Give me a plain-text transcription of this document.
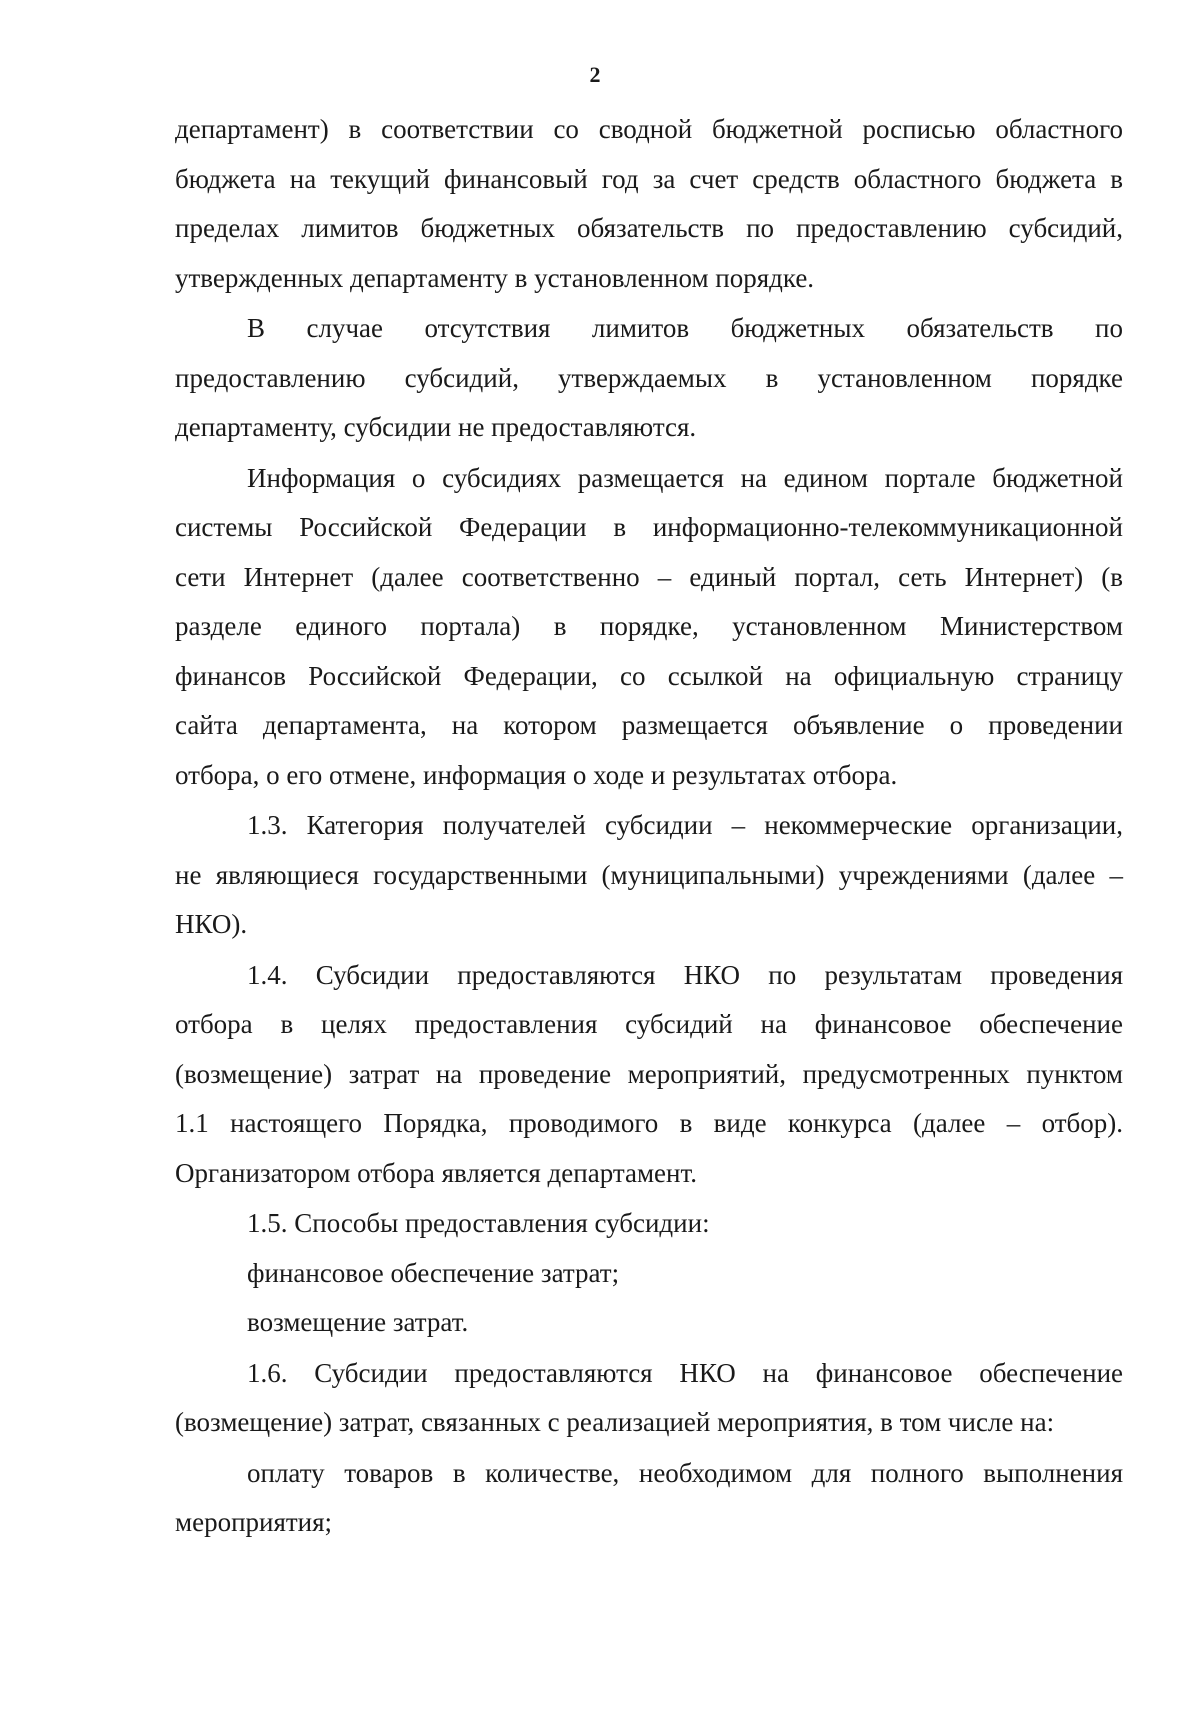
2

департамент) в соответствии со сводной бюджетной росписью областного

бюджета на текущий финансовый год за счет средств областного бюджета в

пределах лимитов бюджетных обязательств по предоставлению субсидий,

утвержденных департаменту в установленном порядке.

В случае отсутствия лимитов бюджетных обязательств по

предоставлению субсидий, утверждаемых в установленном порядке

департаменту, субсидии не предоставляются.

Информация о субсидиях размещается на едином портале бюджетной

системы Российской Федерации в информационно-телекоммуникационной

сети Интернет (далее соответственно – единый портал, сеть Интернет) (в

разделе единого портала) в порядке, установленном Министерством

финансов Российской Федерации, со ссылкой на официальную страницу

сайта департамента, на котором размещается объявление о проведении

отбора, о его отмене, информация о ходе и результатах отбора.

1.3. Категория получателей субсидии – некоммерческие организации,

не являющиеся государственными (муниципальными) учреждениями (далее –

НКО).

1.4. Субсидии предоставляются НКО по результатам проведения

отбора в целях предоставления субсидий на финансовое обеспечение

(возмещение) затрат на проведение мероприятий, предусмотренных пунктом

1.1 настоящего Порядка, проводимого в виде конкурса (далее – отбор).

Организатором отбора является департамент.

1.5. Способы предоставления субсидии:

финансовое обеспечение затрат;

возмещение затрат.

1.6. Субсидии предоставляются НКО на финансовое обеспечение

(возмещение) затрат, связанных с реализацией мероприятия, в том числе на:

оплату товаров в количестве, необходимом для полного выполнения

мероприятия;
